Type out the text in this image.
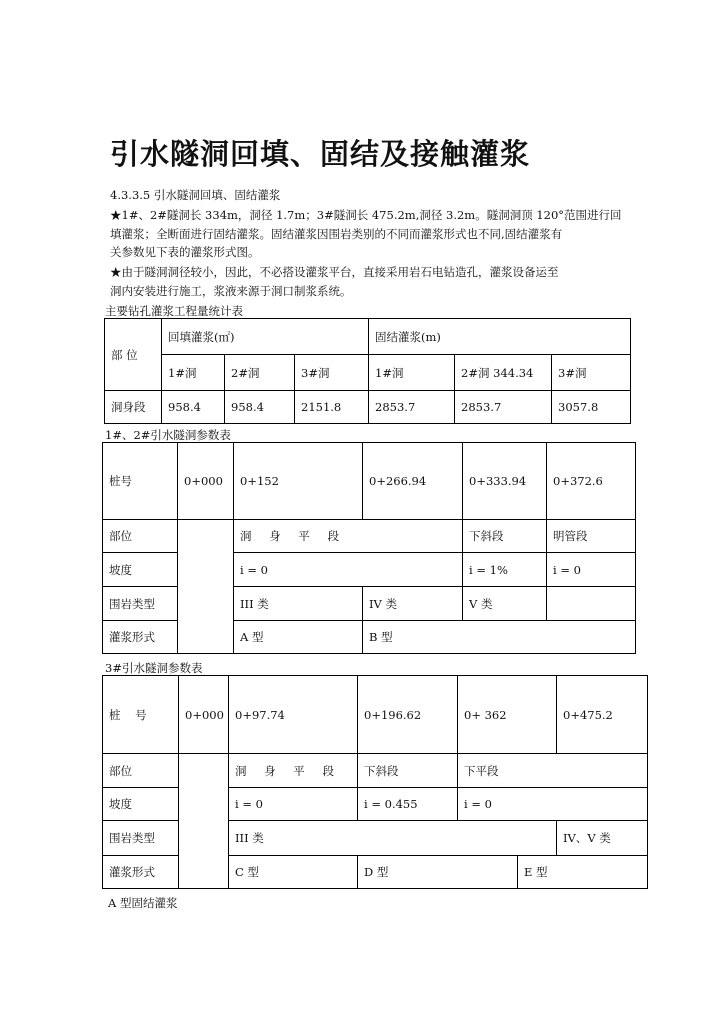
引水隧洞回填、固结及接触灌浆
4.3.3.5 引水隧洞回填、固结灌浆
★1#、2#隧洞长 334m，洞径 1.7m；3#隧洞长 475.2m,洞径 3.2m。隧洞洞顶 120°范围进行回
填灌浆；全断面进行固结灌浆。固结灌浆因围岩类别的不同而灌浆形式也不同,固结灌浆有
关参数见下表的灌浆形式图。
★由于隧洞洞径较小，因此，不必搭设灌浆平台，直接采用岩石电钻造孔，灌浆设备运至
洞内安装进行施工，浆液来源于洞口制浆系统。
主要钻孔灌浆工程量统计表
部 位	回填灌浆(㎡)			固结灌浆(m)		
	1#洞	2#洞	3#洞	1#洞	2#洞 344.34	3#洞
洞身段	958.4	958.4	2151.8	2853.7	2853.7	3057.8
1#、2#引水隧洞参数表
桩号	0+000	0+152	0+266.94	0+333.94	0+372.6
部位		洞 身 平 段		下斜段	明管段
坡度		i = 0		i = 1%	i = 0
围岩类型		III 类	IV 类	V 类	
灌浆形式		A 型	B 型		
3#引水隧洞参数表
桩    号	0+000	0+97.74	0+196.62	0+ 362		0+475.2
部位		洞 身 平 段	下斜段	下平段		
坡度		i = 0	i = 0.455	i = 0		
围岩类型		III 类				IV、V 类
灌浆形式		C 型	D 型		E 型	
A 型固结灌浆
